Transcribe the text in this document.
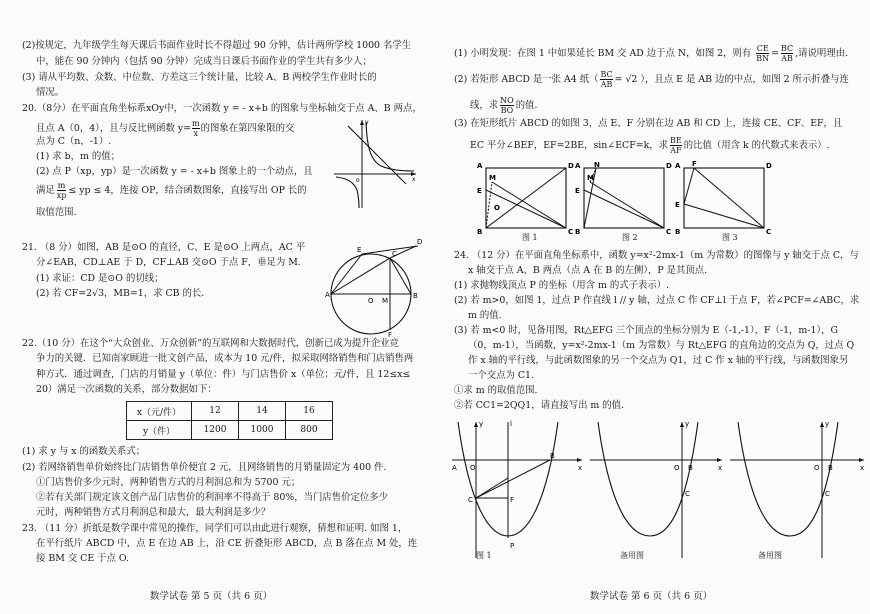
(2)按规定，九年级学生每天课后书面作业时长不得超过 90 分钟，估计两所学校 1000 名学生
中，能在 90 分钟内（包括 90 分钟）完成当日课后书面作业的学生共有多少人；
(3) 请从平均数、众数、中位数、方差这三个统计量，比较 A、B 两校学生作业时长的
情况。
20.（8分）在平面直角坐标系xOy中，一次函数 y = - x+b 的图象与坐标轴交于点 A、B 两点，
且点 A（0，4），且与反比例函数 $y= \frac{m}{x}$ 的图象在第四象限的交
点为 C（n，-1）.
(1) 求 b，m 的值；
(2) 点 P（xp，yp）是一次函数 y = - x+b 图象上的一个动点，且
满足 $\frac{m}{xp}$ ≤ yp ≤ 4，连接 OP，结合函数图象，直接写出 OP 长的
取值范围.
o	x
y
21. （8 分）如图，AB 是⊙O 的直径，C、E 是⊙O 上两点，AC 平
分∠EAB，CD⊥AE 于 D，CF⊥AB 交⊙O 于点 F，垂足为 M.
(1) 求证：CD 是⊙O 的切线；
(2) 若 CF=2√3，MB=1，求 CB 的长.	A	B
O M
C
E
D
F
22.（10 分）在这个“大众创业、万众创新”的互联网和大数据时代，创新已成为提升企业竞
争力的关键．已知南家顾进一批文创产品，成本为 10 元/件，拟采取网络销售和门店销售两
种方式．通过调查，门店的月销量 y（单位：件）与门店售价 x（单位：元/件，且 12≤x≤
20）满足一次函数的关系，部分数据如下：
x（元/件）	12	14	16
y（件）	1200	1000	800
(1) 求 y 与 x 的函数关系式；
(2) 若网络销售单价始终比门店销售单价便宜 2 元，且网络销售的月销量固定为 400 件.
①门店售价多少元时，两种销售方式的月利润总和为 5700 元；
②若有关部门规定该文创产品门店售价的利润率不得高于 80%，当门店售价定位多少
元时，两种销售方式月利润总和最大，最大利润是多少？
23. （11 分）折纸是数学课中常见的操作，同学们可以由此进行观察，猜想和证明. 如图 1，
在平行纸片 ABCD 中，点 E 在边 AB 上，沿 CE 折叠矩形 ABCD，点 B 落在点 M 处，连
接 BM 交 CE 于点 O.
数学试卷 第 5 页（共 6 页）
(1) 小明发现：在图 1 中如果延长 BM 交 AD 边于点 N，如图 2，则有 $\frac{CE}{BN} = \frac{BC}{AB}$ ,请说明理由.
(2) 若矩形 ABCD 是一张 A4 纸（ $\frac{BC}{AB} = √2$ ），且点 E 是 AB 边的中点，如图 2 所示折叠与连
线，求 $\frac{NO}{BO}$ 的值.
(3) 在矩形纸片 ABCD 的如图 3，点 E、F 分别在边 AB 和 CD 上，连接 CE、CF、EF，且
EC 平分∠BEF，EF=2BE，sin∠ECF=k，求 $\frac{BE}{AF}$ 的比值（用含 k 的代数式来表示）.
A	D
B	C
M
E
O
A N	D
B	C
M
E
A F	D
E
B	C
图 1	图 2	图 3
24. （12 分）在平面直角坐标系中，函数 y=x²-2mx-1（m 为常数）的图像与 y 轴交于点 C，与
x 轴交于点 A、B 两点（点 A 在 B 的左侧），P 是其顶点.
(1) 求抛物线顶点 P 的坐标（用含 m 的式子表示）.
(2) 若 m>0，如图 1，过点 P 作直线 l // y 轴，过点 C 作 CF⊥l 于点 F，若∠PCF=∠ABC，求
m 的值.
(3) 若 m<0 时，见备用图，Rt△EFG 三个顶点的坐标分别为 E（-1,-1），F（-1，m-1），G
（0，m-1），当函数，y=x²-2mx-1（m 为常数）与 Rt△EFG 的直角边的交点为 Q，过点 Q
作 x 轴的平行线，与此函数图象的另一个交点为 Q1，过 C 作 x 轴的平行线，与函数图象另
一个交点为 C1.
①求 m 的取值范围.
②若 CC1=2QQ1，请直接写出 m 的值.
A O
B
x
y	l
C	F
P
O B	x
y
C
O B	x
y
C
图 1	备用图	备用图
数学试卷 第 6 页（共 6 页）
